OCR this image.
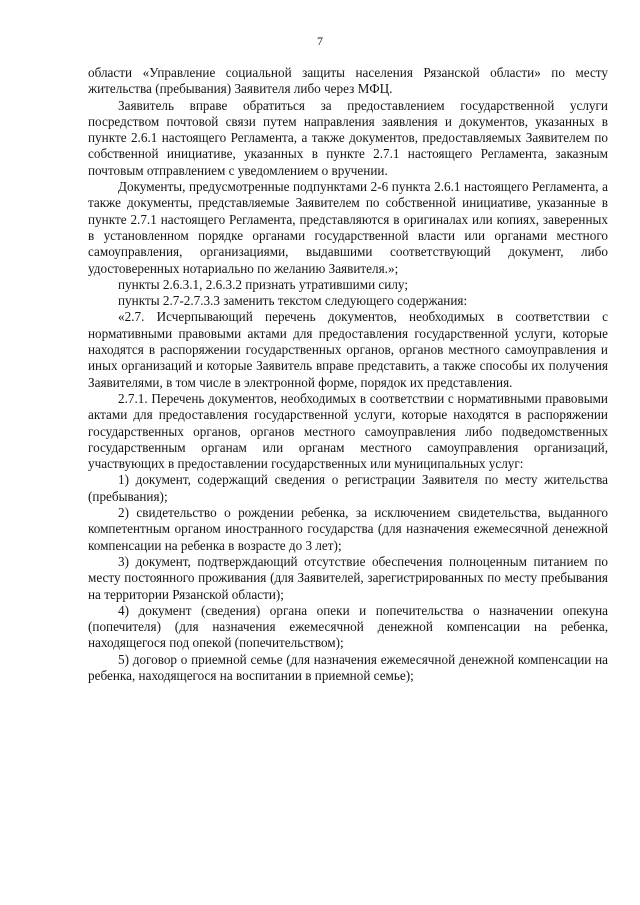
7

области «Управление социальной защиты населения Рязанской области» по месту жительства (пребывания) Заявителя либо через МФЦ.

Заявитель вправе обратиться за предоставлением государственной услуги посредством почтовой связи путем направления заявления и документов, указанных в пункте 2.6.1 настоящего Регламента, а также документов, предоставляемых Заявителем по собственной инициативе, указанных в пункте 2.7.1 настоящего Регламента, заказным почтовым отправлением с уведомлением о вручении.

Документы, предусмотренные подпунктами 2-6 пункта 2.6.1 настоящего Регламента, а также документы, представляемые Заявителем по собственной инициативе, указанные в пункте 2.7.1 настоящего Регламента, представляются в оригиналах или копиях, заверенных в установленном порядке органами государственной власти или органами местного самоуправления, организациями, выдавшими соответствующий документ, либо удостоверенных нотариально по желанию Заявителя.»;

пункты 2.6.3.1, 2.6.3.2 признать утратившими силу;

пункты 2.7-2.7.3.3 заменить текстом следующего содержания:

«2.7. Исчерпывающий перечень документов, необходимых в соответствии с нормативными правовыми актами для предоставления государственной услуги, которые находятся в распоряжении государственных органов, органов местного самоуправления и иных организаций и которые Заявитель вправе представить, а также способы их получения Заявителями, в том числе в электронной форме, порядок их представления.

2.7.1. Перечень документов, необходимых в соответствии с нормативными правовыми актами для предоставления государственной услуги, которые находятся в распоряжении государственных органов, органов местного самоуправления либо подведомственных государственным органам или органам местного самоуправления организаций, участвующих в предоставлении государственных или муниципальных услуг:

1) документ, содержащий сведения о регистрации Заявителя по месту жительства (пребывания);

2) свидетельство о рождении ребенка, за исключением свидетельства, выданного компетентным органом иностранного государства (для назначения ежемесячной денежной компенсации на ребенка в возрасте до 3 лет);

3) документ, подтверждающий отсутствие обеспечения полноценным питанием по месту постоянного проживания (для Заявителей, зарегистрированных по месту пребывания на территории Рязанской области);

4) документ (сведения) органа опеки и попечительства о назначении опекуна (попечителя) (для назначения ежемесячной денежной компенсации на ребенка, находящегося под опекой (попечительством);

5) договор о приемной семье (для назначения ежемесячной денежной компенсации на ребенка, находящегося на воспитании в приемной семье);
